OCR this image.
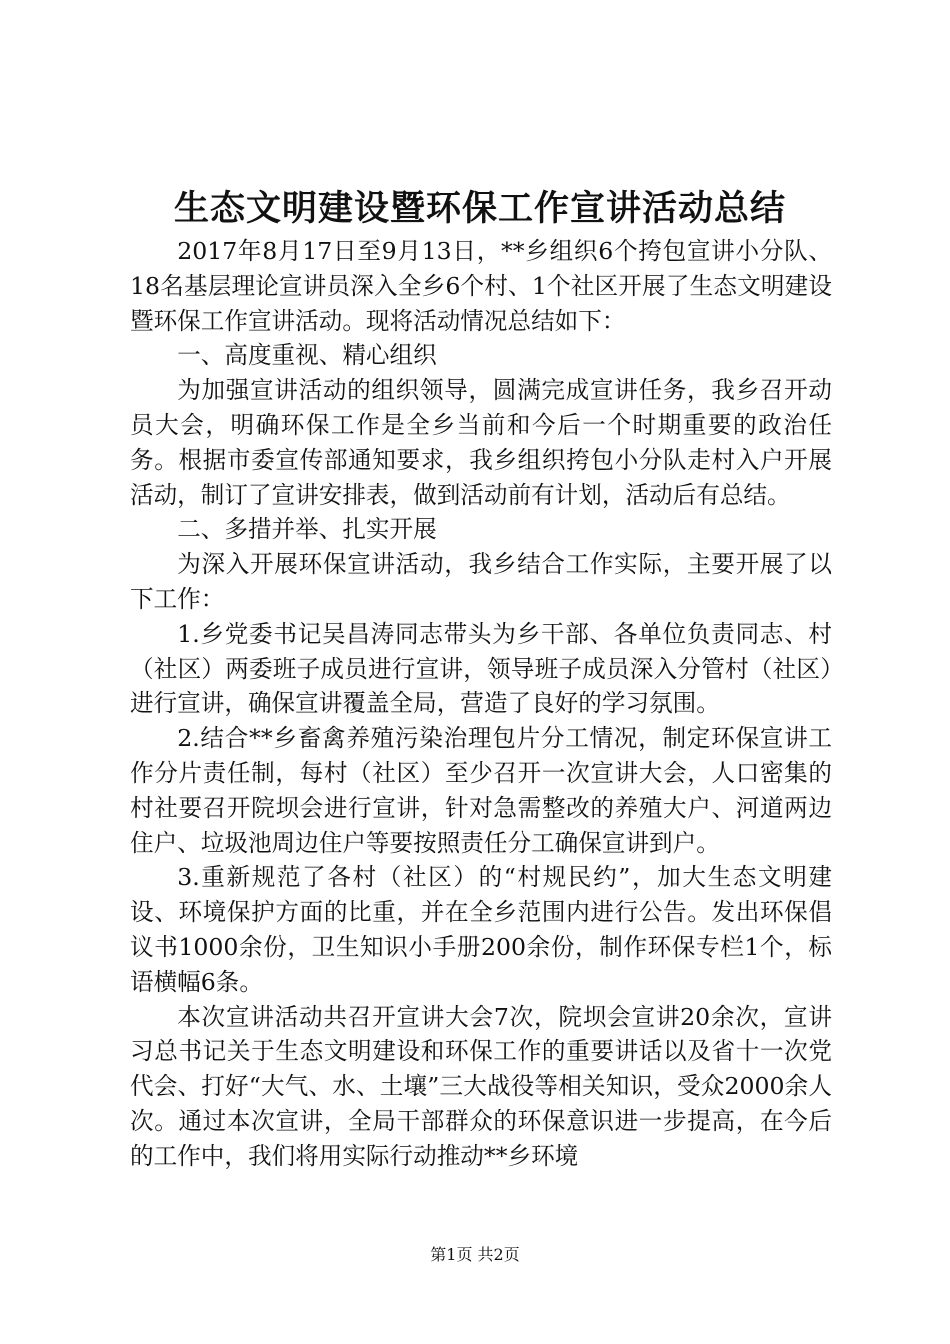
生态文明建设暨环保工作宣讲活动总结

2017年8月17日至9月13日，**乡组织6个挎包宣讲小分队、18名基层理论宣讲员深入全乡6个村、1个社区开展了生态文明建设暨环保工作宣讲活动。现将活动情况总结如下：

一、高度重视、精心组织

为加强宣讲活动的组织领导，圆满完成宣讲任务，我乡召开动员大会，明确环保工作是全乡当前和今后一个时期重要的政治任务。根据市委宣传部通知要求，我乡组织挎包小分队走村入户开展活动，制订了宣讲安排表，做到活动前有计划，活动后有总结。

二、多措并举、扎实开展

为深入开展环保宣讲活动，我乡结合工作实际，主要开展了以下工作：

1.乡党委书记吴昌涛同志带头为乡干部、各单位负责同志、村（社区）两委班子成员进行宣讲，领导班子成员深入分管村（社区）进行宣讲，确保宣讲覆盖全局，营造了良好的学习氛围。

2.结合**乡畜禽养殖污染治理包片分工情况，制定环保宣讲工作分片责任制，每村（社区）至少召开一次宣讲大会，人口密集的村社要召开院坝会进行宣讲，针对急需整改的养殖大户、河道两边住户、垃圾池周边住户等要按照责任分工确保宣讲到户。

3.重新规范了各村（社区）的“村规民约”，加大生态文明建设、环境保护方面的比重，并在全乡范围内进行公告。发出环保倡议书1000余份，卫生知识小手册200余份，制作环保专栏1个，标语横幅6条。

本次宣讲活动共召开宣讲大会7次，院坝会宣讲20余次，宣讲习总书记关于生态文明建设和环保工作的重要讲话以及省十一次党代会、打好“大气、水、土壤”三大战役等相关知识，受众2000余人次。通过本次宣讲，全局干部群众的环保意识进一步提高，在今后的工作中，我们将用实际行动推动**乡环境

第1页 共2页
